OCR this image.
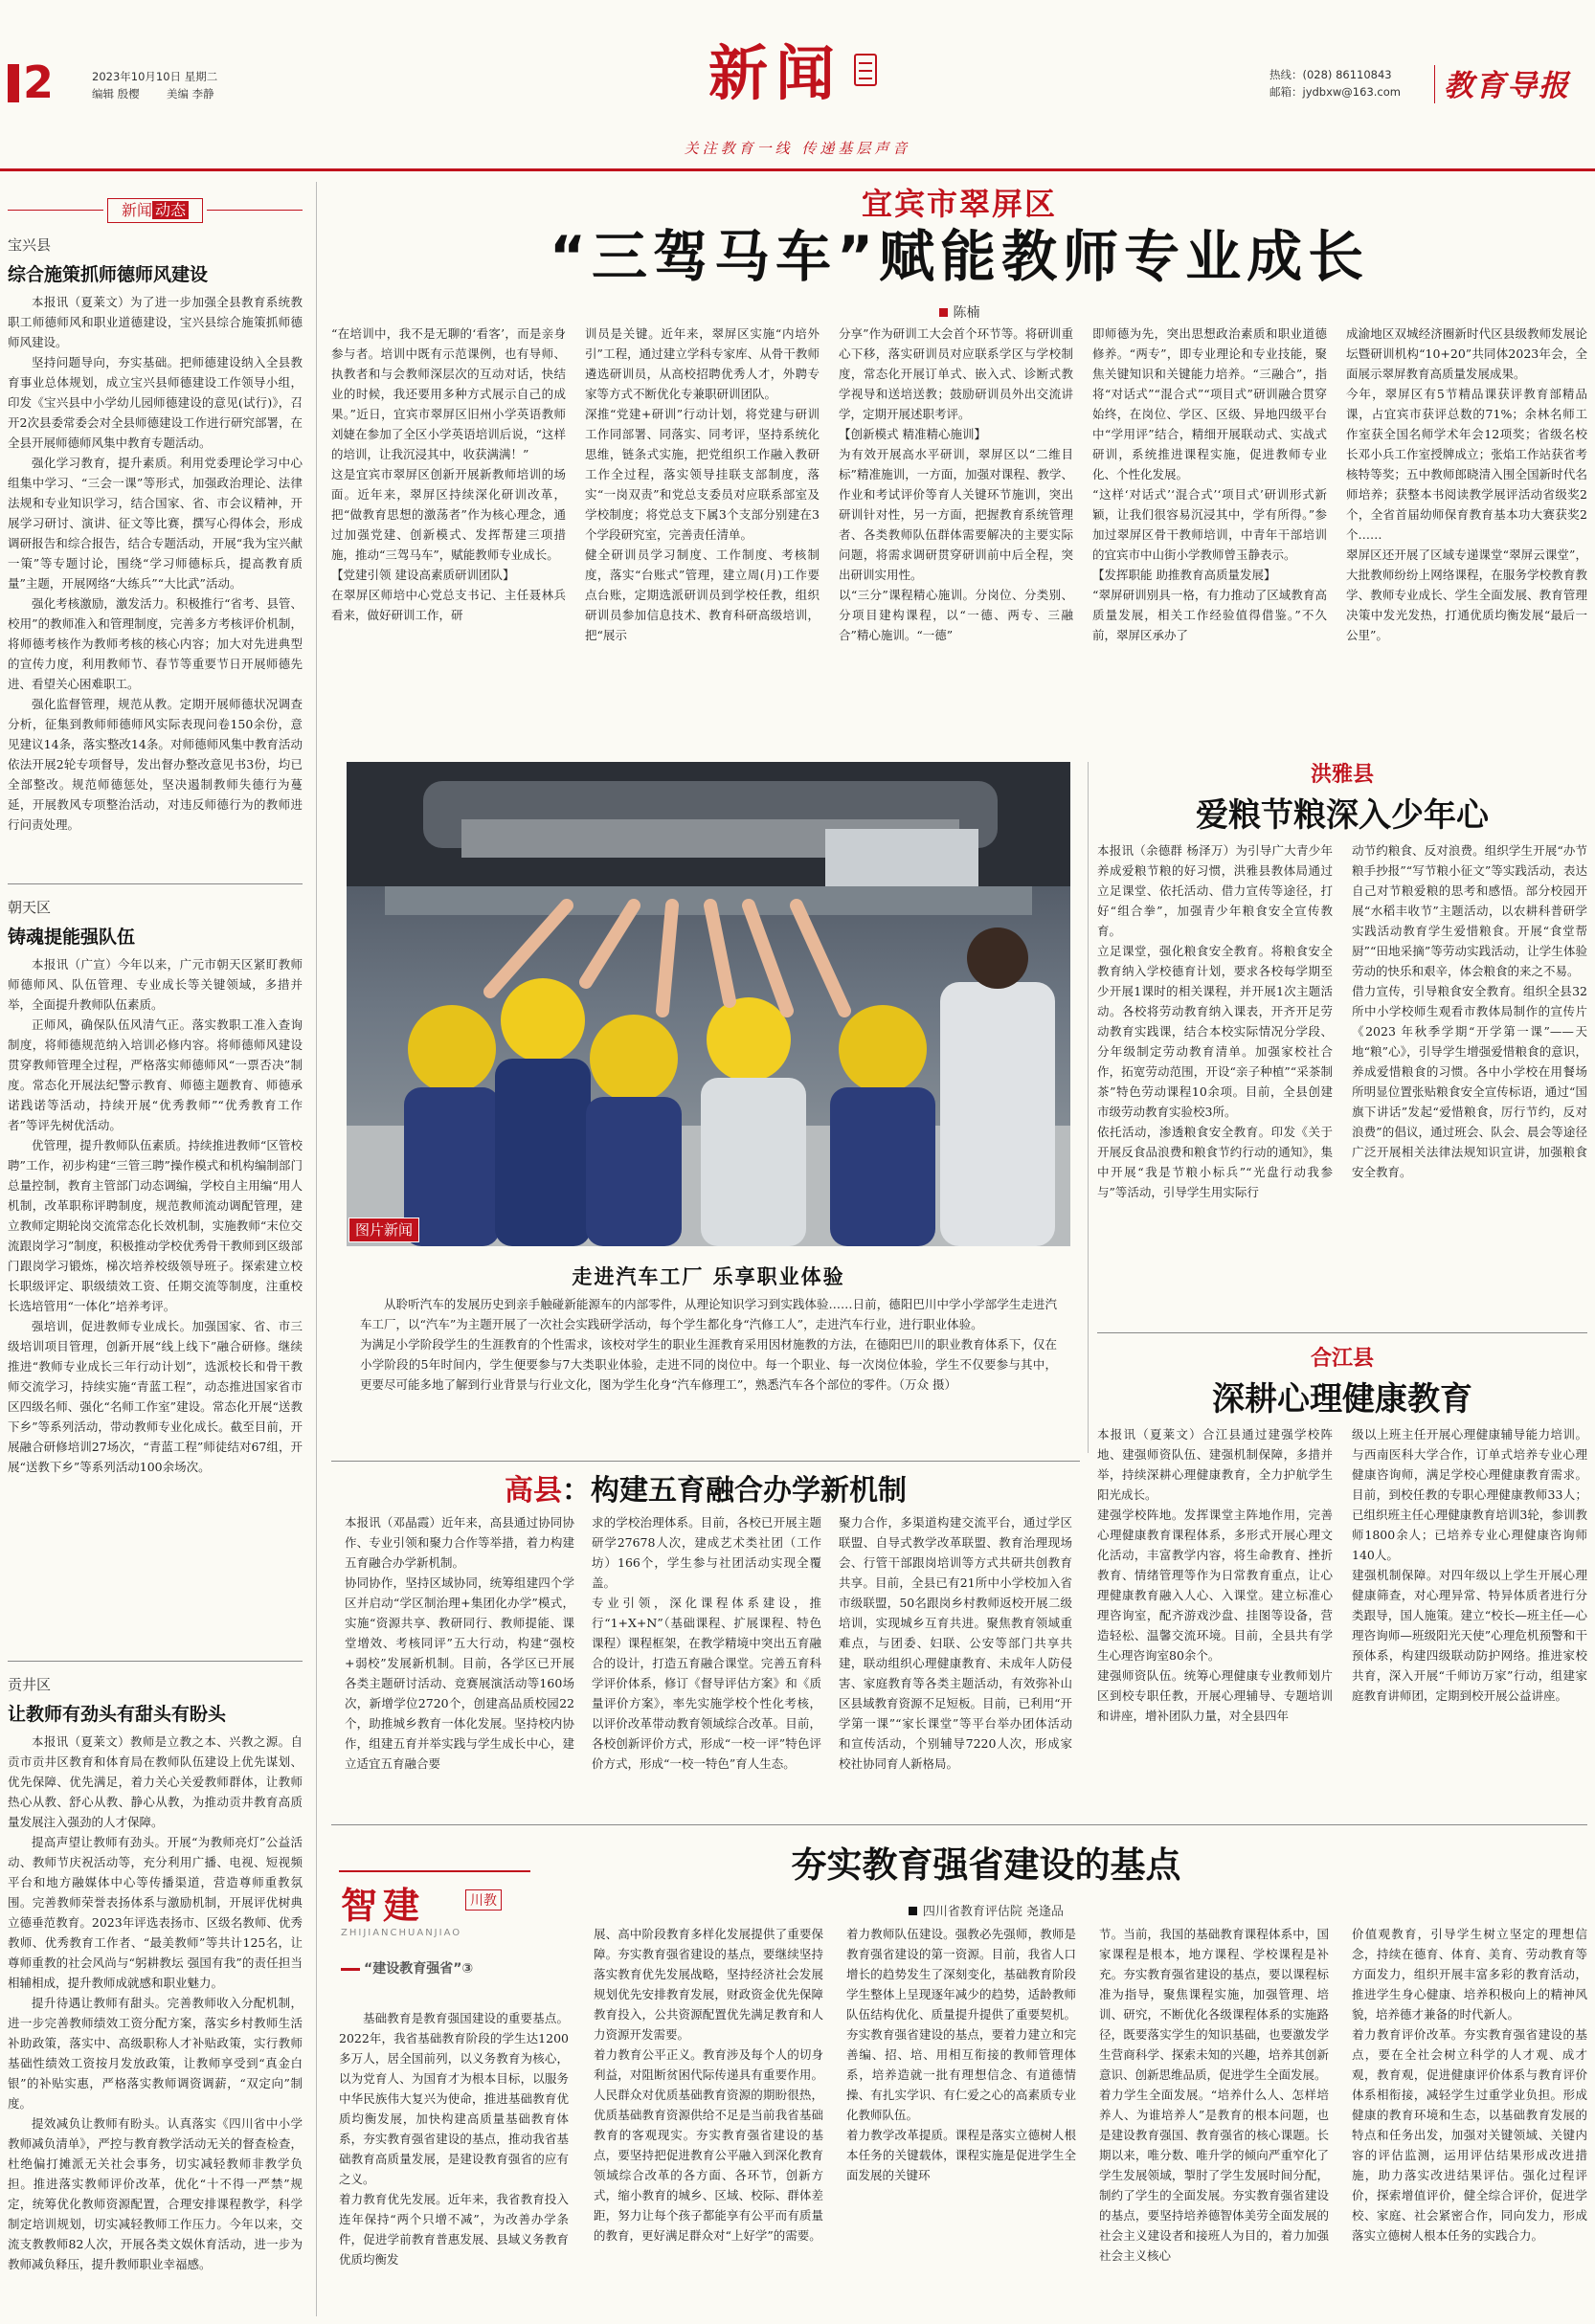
2	2023年10月10日 星期二
编辑 殷樱 美编 李静	新闻
关注教育一线 传递基层声音
热线：(028) 86110843
邮箱：jydbxw@163.com 教育导报
新闻 动态
宝兴县
综合施策抓师德师风建设

本报讯（夏莱文）为了进一步加强全县教育系统教职工师德师风和职业道德建设，宝兴县综合施策抓师德师风建设。

坚持问题导向，夯实基础。把师德建设纳入全县教育事业总体规划，成立宝兴县师德建设工作领导小组，印发《宝兴县中小学幼儿园师德建设的意见(试行)》，召开2次县委常委会对全县师德建设工作进行研究部署，在全县开展师德师风集中教育专题活动。

强化学习教育，提升素质。利用党委理论学习中心组集中学习、“三会一课”等形式，加强政治理论、法律法规和专业知识学习，结合国家、省、市会议精神，开展学习研讨、演讲、征文等比赛，撰写心得体会，形成调研报告和综合报告，结合专题活动，开展“我为宝兴献一策”等专题讨论，围绕“学习师德标兵，提高教育质量”主题，开展网络“大练兵”“大比武”活动。

强化考核激励，激发活力。积极推行“省考、县管、校用”的教师准入和管理制度，完善多方考核评价机制，将师德考核作为教师考核的核心内容；加大对先进典型的宣传力度，利用教师节、春节等重要节日开展师德先进、看望关心困难职工。

强化监督管理，规范从教。定期开展师德状况调查分析，征集到教师师德师风实际表现问卷150余份，意见建议14条，落实整改14条。对师德师风集中教育活动依法开展2轮专项督导，发出督办整改意见书3份，均已全部整改。规范师德惩处，坚决遏制教师失德行为蔓延，开展教风专项整治活动，对违反师德行为的教师进行问责处理。

朝天区
铸魂提能强队伍

本报讯（广宣）今年以来，广元市朝天区紧盯教师师德师风、队伍管理、专业成长等关键领域，多措并举，全面提升教师队伍素质。

正师风，确保队伍风清气正。落实教职工准入查询制度，将师德规范纳入培训必修内容。将师德师风建设贯穿教师管理全过程，严格落实师德师风“一票否决”制度。常态化开展法纪警示教育、师德主题教育、师德承诺践诺等活动，持续开展“优秀教师”“优秀教育工作者”等评先树优活动。

优管理，提升教师队伍素质。持续推进教师“区管校聘”工作，初步构建“三管三聘”操作模式和机构编制部门总量控制，教育主管部门动态调编，学校自主用编“用人机制，改革职称评聘制度，规范教师流动调配管理，建立教师定期轮岗交流常态化长效机制，实施教师“末位交流跟岗学习”制度，积极推动学校优秀骨干教师到区级部门跟岗学习锻炼，梯次培养校级领导班子。探索建立校长职级评定、职级绩效工资、任期交流等制度，注重校长选培管用“一体化”培养考评。

强培训，促进教师专业成长。加强国家、省、市三级培训项目管理，创新开展“线上线下”融合研修。继续推进“教师专业成长三年行动计划”，选派校长和骨干教师交流学习，持续实施“青蓝工程”，动态推进国家省市区四级名师、强化“名师工作室”建设。常态化开展“送教下乡”等系列活动，带动教师专业化成长。截至目前，开展融合研修培训27场次，“青蓝工程”师徒结对67组，开展“送教下乡”等系列活动100余场次。

贡井区
让教师有劲头有甜头有盼头

本报讯（夏莱文）教师是立教之本、兴教之源。自贡市贡井区教育和体育局在教师队伍建设上优先谋划、优先保障、优先满足，着力关心关爱教师群体，让教师热心从教、舒心从教、静心从教，为推动贡井教育高质量发展注入强劲的人才保障。

提高声望让教师有劲头。开展“为教师亮灯”公益活动、教师节庆祝活动等，充分利用广播、电视、短视频平台和地方融媒体中心等传播渠道，营造尊师重教氛围。完善教师荣誉表扬体系与激励机制，开展评优树典立德垂范教育。2023年评选表扬市、区级名教师、优秀教师、优秀教育工作者、“最美教师”等共计125名，让尊师重教的社会风尚与“躬耕教坛 强国有我”的责任担当相辅相成，提升教师成就感和职业魅力。

提升待遇让教师有甜头。完善教师收入分配机制，进一步完善教师绩效工资分配方案，落实乡村教师生活补助政策，落实中、高级职称人才补贴政策，实行教师基础性绩效工资按月发放政策，让教师享受到“真金白银”的补贴实惠，严格落实教师调资调薪，“双定向”制度。

提效减负让教师有盼头。认真落实《四川省中小学教师减负清单》，严控与教育教学活动无关的督查检查，杜绝偏打摊派无关社会事务，切实减轻教师非教学负担。推进落实教师评价改革，优化“十不得一严禁”规定，统筹优化教师资源配置，合理安排课程教学，科学制定培训规划，切实减轻教师工作压力。今年以来，交流支教教师82人次，开展各类文娱休育活动，进一步为教师减负释压，提升教师职业幸福感。

宜宾市翠屏区
“三驾马车”赋能教师专业成长
陈楠
“在培训中，我不是无聊的‘看客’，而是亲身参与者。培训中既有示范课例，也有导师、执教者和与会教师深层次的互动对话，快结业的时候，我还要用多种方式展示自己的成果。”近日，宜宾市翠屏区旧州小学英语教师刘婕在参加了全区小学英语培训后说，“这样的培训，让我沉浸其中，收获满满！”
这是宜宾市翠屏区创新开展新教师培训的场面。近年来，翠屏区持续深化研训改革，把“做教育思想的激荡者”作为核心理念，通过加强党建、创新模式、发挥帮建三项措施，推动“三驾马车”，赋能教师专业成长。
【党建引领 建设高素质研训团队】
在翠屏区师培中心党总支书记、主任聂林兵看来，做好研训工作，研
训员是关键。近年来，翠屏区实施“内培外引”工程，通过建立学科专家库、从骨干教师遴选研训员，从高校招聘优秀人才，外聘专家等方式不断优化专兼职研训团队。
深推“党建+研训”行动计划，将党建与研训工作同部署、同落实、同考评，坚持系统化思维，链条式实施，把党组织工作融入教研工作全过程，落实领导挂联支部制度，落实“一岗双责”和党总支委员对应联系部室及学校制度；将党总支下属3个支部分别建在3个学段研究室，完善责任清单。
健全研训员学习制度、工作制度、考核制度，落实“台账式”管理，建立周(月)工作要点台账，定期选派研训员到学校任教，组织研训员参加信息技术、教育科研高级培训，把“展示
分享”作为研训工大会首个环节等。将研训重心下移，落实研训员对应联系学区与学校制度，常态化开展订单式、嵌入式、诊断式教学视导和送培送教；鼓励研训员外出交流讲学，定期开展述职考评。
【创新模式 精准精心施训】
为有效开展高水平研训，翠屏区以“二维目标”精准施训，一方面，加强对课程、教学、作业和考试评价等育人关键环节施训，突出研训针对性，另一方面，把握教育系统管理者、各类教师队伍群体需要解决的主要实际问题，将需求调研贯穿研训前中后全程，突出研训实用性。
以“三分”课程精心施训。分岗位、分类别、分项目建构课程，以“一德、两专、三融合”精心施训。“一德”
即师德为先，突出思想政治素质和职业道德修养。“两专”，即专业理论和专业技能，聚焦关键知识和关键能力培养。“三融合”，指将“对话式”“混合式”“项目式”研训融合贯穿始终，在岗位、学区、区级、异地四级平台中“学用评”结合，精细开展联动式、实战式研训，系统推进课程实施，促进教师专业化、个性化发展。
“这样‘对话式’‘混合式’‘项目式’研训形式新颖，让我们很容易沉浸其中，学有所得。”参加过翠屏区骨干教师培训，中青年干部培训的宜宾市中山街小学教师曾玉静表示。
【发挥职能 助推教育高质量发展】
“翠屏研训别具一格，有力推动了区域教育高质量发展，相关工作经验值得借鉴。”不久前，翠屏区承办了
成渝地区双城经济圈新时代区县级教师发展论坛暨研训机构“10+20”共同体2023年会，全面展示翠屏教育高质量发展成果。
今年，翠屏区有5节精品课获评教育部精品课，占宜宾市获评总数的71%；余林名师工作室获全国名师学术年会12项奖；省级名校长邓小兵工作室授牌成立；张焰工作站获省考核特等奖；五中教师郎晓清入围全国新时代名师培养；获整本书阅读教学展评活动省级奖2个，全省首届幼师保育教育基本功大赛获奖2个……
翠屏区还开展了区域专递课堂“翠屏云课堂”，大批教师纷纷上网络课程，在服务学校教育教学、教师专业成长、学生全面发展、教育管理决策中发光发热，打通优质均衡发展“最后一公里”。
图片新闻
走进汽车工厂 乐享职业体验
从聆听汽车的发展历史到亲手触碰新能源车的内部零件，从理论知识学习到实践体验……日前，德阳巴川中学小学部学生走进汽车工厂，以“汽车”为主题开展了一次社会实践研学活动，每个学生都化身“汽修工人”，走进汽车行业，进行职业体验。
为满足小学阶段学生的生涯教育的个性需求，该校对学生的职业生涯教育采用因材施教的方法，在德阳巴川的职业教育体系下，仅在小学阶段的5年时间内，学生便要参与7大类职业体验，走进不同的岗位中。每一个职业、每一次岗位体验，学生不仅要参与其中，更要尽可能多地了解到行业背景与行业文化，图为学生化身“汽车修理工”，熟悉汽车各个部位的零件。（万众 摄）
洪雅县
爱粮节粮深入少年心
本报讯（余德群 杨泽万）为引导广大青少年养成爱粮节粮的好习惯，洪雅县教体局通过立足课堂、依托活动、借力宣传等途径，打好“组合拳”，加强青少年粮食安全宣传教育。
立足课堂，强化粮食安全教育。将粮食安全教育纳入学校德育计划，要求各校每学期至少开展1课时的相关课程，并开展1次主题活动。各校将劳动教育纳入课表，开齐开足劳动教育实践课，结合本校实际情况分学段、分年级制定劳动教育清单。加强家校社合作，拓宽劳动范围，开设“亲子种植”“采茶制茶”特色劳动课程10余项。目前，全县创建市级劳动教育实验校3所。
依托活动，渗透粮食安全教育。印发《关于开展反食品浪费和粮食节约行动的通知》，集中开展“我是节粮小标兵”“光盘行动我参与”等活动，引导学生用实际行
动节约粮食、反对浪费。组织学生开展“办节粮手抄报”“写节粮小征文”等实践活动，表达自己对节粮爱粮的思考和感悟。部分校园开展“水稻丰收节”主题活动，以农耕科普研学实践活动教育学生爱惜粮食。开展“食堂帮厨”“田地采摘”等劳动实践活动，让学生体验劳动的快乐和艰辛，体会粮食的来之不易。
借力宣传，引导粮食安全教育。组织全县32所中小学校师生观看市教体局制作的宣传片《2023 年秋季学期“开学第一课”——天地“粮”心》，引导学生增强爱惜粮食的意识，养成爱惜粮食的习惯。各中小学校在用餐场所明显位置张贴粮食安全宣传标语，通过“国旗下讲话”发起“爱惜粮食，厉行节约，反对浪费”的倡议，通过班会、队会、晨会等途径广泛开展相关法律法规知识宣讲，加强粮食安全教育。
合江县
深耕心理健康教育
本报讯（夏莱文）合江县通过建强学校阵地、建强师资队伍、建强机制保障，多措并举，持续深耕心理健康教育，全力护航学生阳光成长。
建强学校阵地。发挥课堂主阵地作用，完善心理健康教育课程体系，多形式开展心理文化活动，丰富教学内容，将生命教育、挫折教育、情绪管理等作为日常教育重点，让心理健康教育融入人心、入课堂。建立标准心理咨询室，配齐游戏沙盘、挂图等设备，营造轻松、温馨交流环境。目前，全县共有学生心理咨询室80余个。
建强师资队伍。统筹心理健康专业教师划片区到校专职任教，开展心理辅导、专题培训和讲座，增补团队力量，对全县四年
级以上班主任开展心理健康辅导能力培训。与西南医科大学合作，订单式培养专业心理健康咨询师，满足学校心理健康教育需求。目前，到校任教的专职心理健康教师33人；已组织班主任心理健康教育培训3轮，参训教师1800余人；已培养专业心理健康咨询师140人。
建强机制保障。对四年级以上学生开展心理健康筛查，对心理异常、特异体质者进行分类跟导，国人施策。建立“校长—班主任—心理咨询师—班级阳光天使”心理危机预警和干预体系，构建四级联动防护网络。推进家校共育，深入开展“千师访万家”行动，组建家庭教育讲师团，定期到校开展公益讲座。
高县：构建五育融合办学新机制
本报讯（邓晶霞）近年来，高县通过协同协作、专业引领和聚力合作等举措，着力构建五育融合办学新机制。
协同协作，坚持区域协同，统筹组建四个学区并启动“学区制治理+集团化办学”模式，实施“资源共享、教研同行、教师提能、课堂增效、考核同评”五大行动，构建“强校+弱校”发展新机制。目前，各学区已开展各类主题研讨活动、竞赛展演活动等160场次，新增学位2720个，创建高品质校园22个，助推城乡教育一体化发展。坚持校内协作，组建五育并举实践与学生成长中心，建立适宜五育融合要
求的学校治理体系。目前，各校已开展主题研学27678人次，建成艺术类社团（工作坊）166个，学生参与社团活动实现全覆盖。
专业引领，深化课程体系建设，推行“1+X+N”（基础课程、扩展课程、特色课程）课程框架，在教学精境中突出五育融合的设计，打造五育融合课堂。完善五育科学评价体系，修订《督导评估方案》和《质量评价方案》，率先实施学校个性化考核，以评价改革带动教育领域综合改革。目前，各校创新评价方式，形成“一校一评”特色评价方式，形成“一校一特色”育人生态。
聚力合作，多渠道构建交流平台，通过学区联盟、自导式教学改革联盟、教育治理现场会、行管干部跟岗培训等方式共研共创教育共享。目前，全县已有21所中小学校加入省市级联盟，50名跟岗乡村教师返校开展二级培训，实现城乡互育共进。聚焦教育领域重难点，与团委、妇联、公安等部门共享共建，联动组织心理健康教育、未成年人防侵害、家庭教育等各类主题活动，有效弥补山区县域教育资源不足短板。目前，已利用“开学第一课”“家长课堂”等平台举办团体活动和宣传活动，个别辅导7220人次，形成家校社协同育人新格局。
智建	川教
ZHIJIANCHUANJIAO
“建设教育强省”③
夯实教育强省建设的基点
四川省教育评估院 尧逢品
基础教育是教育强国建设的重要基点。2022年，我省基础教育阶段的学生达1200多万人，居全国前列，以义务教育为核心，以为党育人、为国育才为根本目标，以服务中华民族伟大复兴为使命，推进基础教育优质均衡发展，加快构建高质量基础教育体系，夯实教育强省建设的基点，推动我省基础教育高质量发展，是建设教育强省的应有之义。
着力教育优先发展。近年来，我省教育投入连年保持“两个只增不减”，为改善办学条件，促进学前教育普惠发展、县域义务教育优质均衡发
展、高中阶段教育多样化发展提供了重要保障。夯实教育强省建设的基点，要继续坚持落实教育优先发展战略，坚持经济社会发展规划优先安排教育发展，财政资金优先保障教育投入，公共资源配置优先满足教育和人力资源开发需要。
着力教育公平正义。教育涉及每个人的切身利益，对阻断贫困代际传递具有重要作用。人民群众对优质基础教育资源的期盼很热，优质基础教育资源供给不足是当前我省基础教育的客观现实。夯实教育强省建设的基点，要坚持把促进教育公平融入到深化教育领域综合改革的各方面、各环节，创新方式，缩小教育的城乡、区域、校际、群体差距，努力让每个孩子都能享有公平而有质量的教育，更好满足群众对“上好学”的需要。
着力教师队伍建设。强教必先强师，教师是教育强省建设的第一资源。目前，我省人口增长的趋势发生了深刻变化，基础教育阶段学生整体上呈现逐年减少的趋势，适龄教师队伍结构优化、质量提升提供了重要契机。夯实教育强省建设的基点，要着力建立和完善编、招、培、用相互衔接的教师管理体系，培养造就一批有理想信念、有道德情操、有扎实学识、有仁爱之心的高素质专业化教师队伍。
着力教学改革提质。课程是落实立德树人根本任务的关键载体，课程实施是促进学生全面发展的关键环
节。当前，我国的基础教育课程体系中，国家课程是根本，地方课程、学校课程是补充。夯实教育强省建设的基点，要以课程标准为指导，聚焦课程实施，加强管理、培训、研究，不断优化各级课程体系的实施路径，既要落实学生的知识基础，也要激发学生营商科学、探索未知的兴趣，培养其创新意识、创新思维品质，促进学生全面发展。
着力学生全面发展。“培养什么人、怎样培养人、为谁培养人”是教育的根本问题，也是建设教育强国、教育强省的核心课题。长期以来，唯分数、唯升学的倾向严重窄化了学生发展领域，掣肘了学生发展时间分配，制约了学生的全面发展。夯实教育强省建设的基点，要坚持培养德智体美劳全面发展的社会主义建设者和接班人为目的，着力加强社会主义核心
价值观教育，引导学生树立坚定的理想信念，持续在德育、体育、美育、劳动教育等方面发力，组织开展丰富多彩的教育活动，推进学生身心健康、培养积极向上的精神风貌，培养德才兼备的时代新人。
着力教育评价改革。夯实教育强省建设的基点，要在全社会树立科学的人才观、成才观，教育观，促进健康评价体系与教育评价体系相衔接，减轻学生过重学业负担。形成健康的教育环境和生态，以基础教育发展的特点和任务出发，加强对关键领域、关键内容的评估监测，运用评估结果形成改进措施，助力落实改进结果评估。强化过程评价，探索增值评价，健全综合评价，促进学校、家庭、社会紧密合作，同向发力，形成落实立德树人根本任务的实践合力。
